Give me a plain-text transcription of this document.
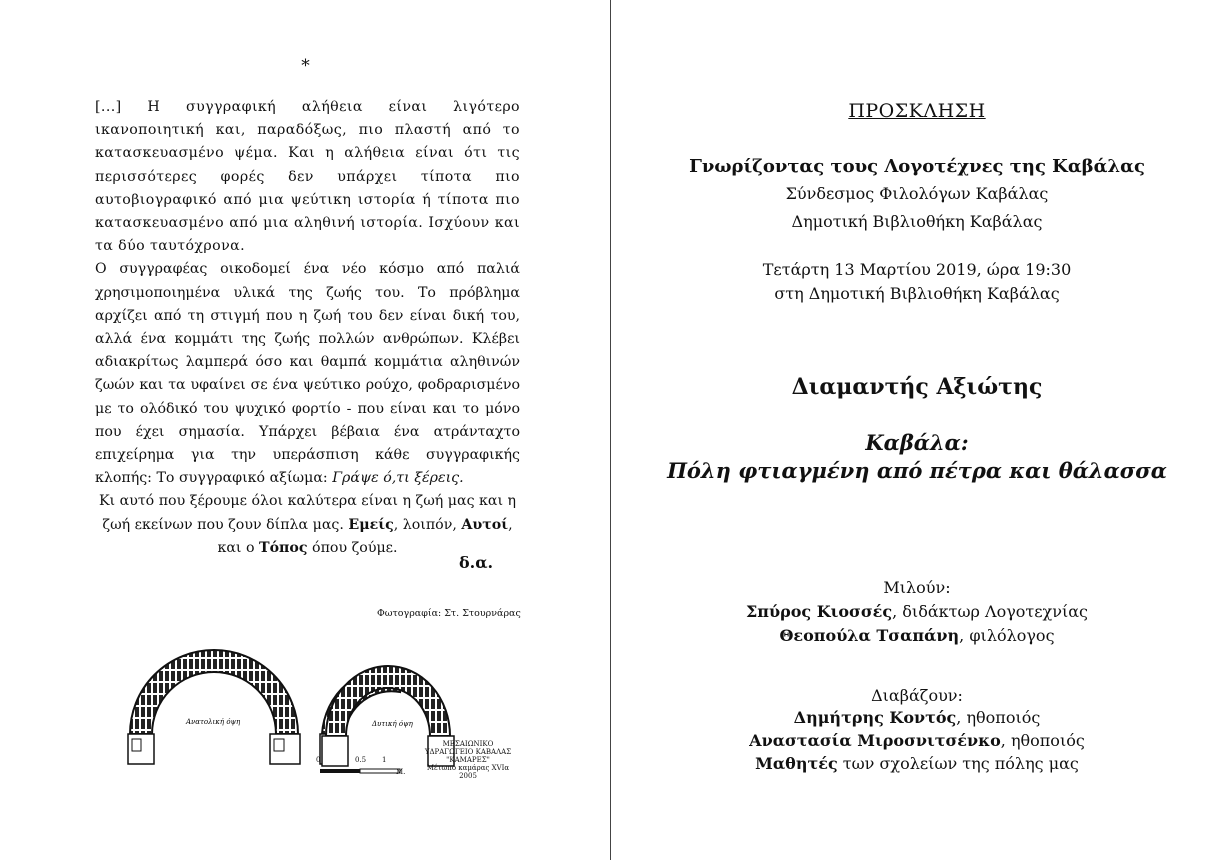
*

[...] Η συγγραφική αλήθεια είναι λιγότερο ικανοποιητική και, παραδόξως, πιο πλαστή από το κατασκευασμένο ψέμα. Και η αλήθεια είναι ότι τις περισσότερες φορές δεν υπάρχει τίποτα πιο αυτοβιογραφικό από μια ψεύτικη ιστορία ή τίποτα πιο κατασκευασμένο από μια αληθινή ιστορία. Ισχύουν και τα δύο ταυτόχρονα.

Ο συγγραφέας οικοδομεί ένα νέο κόσμο από παλιά χρησιμοποιημένα υλικά της ζωής του. Το πρόβλημα αρχίζει από τη στιγμή που η ζωή του δεν είναι δική του, αλλά ένα κομμάτι της ζωής πολλών ανθρώπων. Κλέβει αδιακρίτως λαμπερά όσο και θαμπά κομμάτια αληθινών ζωών και τα υφαίνει σε ένα ψεύτικο ρούχο, φοδραρισμένο με το ολόδικό του ψυχικό φορτίο - που είναι και το μόνο που έχει σημασία. Υπάρχει βέβαια ένα ατράνταχτο επιχείρημα για την υπεράσπιση κάθε συγγραφικής κλοπής: Το συγγραφικό αξίωμα: Γράψε ό,τι ξέρεις.

Κι αυτό που ξέρουμε όλοι καλύτερα είναι η ζωή μας και η ζωή εκείνων που ζουν δίπλα μας. Εμείς, λοιπόν, Αυτοί, και ο Τόπος όπου ζούμε.

δ.α.
Φωτογραφία: Στ. Στουρνάρας
Ανατολική όψη	Δυτική όψη
0	0.5 1
Μ.
ΜΕΣΑΙΩΝΙΚΟ
ΥΔΡΑΓΩΓΕΙΟ ΚΑΒΑΛΑΣ "ΚΑΜΑΡΕΣ"
Μέτωπο καμάρας XVIα
2005
ΠΡΟΣΚΛΗΣΗ
Γνωρίζοντας τους Λογοτέχνες της Καβάλας
Σύνδεσμος Φιλολόγων Καβάλας
Δημοτική Βιβλιοθήκη Καβάλας
Τετάρτη 13 Μαρτίου 2019, ώρα 19:30
στη Δημοτική Βιβλιοθήκη Καβάλας
Διαμαντής Αξιώτης
Καβάλα:
Πόλη φτιαγμένη από πέτρα και θάλασσα
Μιλούν:
Σπύρος Κιοσσές, διδάκτωρ Λογοτεχνίας
Θεοπούλα Τσαπάνη, φιλόλογος
Διαβάζουν:
Δημήτρης Κοντός, ηθοποιός
Αναστασία Μιροσνιτσένκο, ηθοποιός
Μαθητές των σχολείων της πόλης μας
